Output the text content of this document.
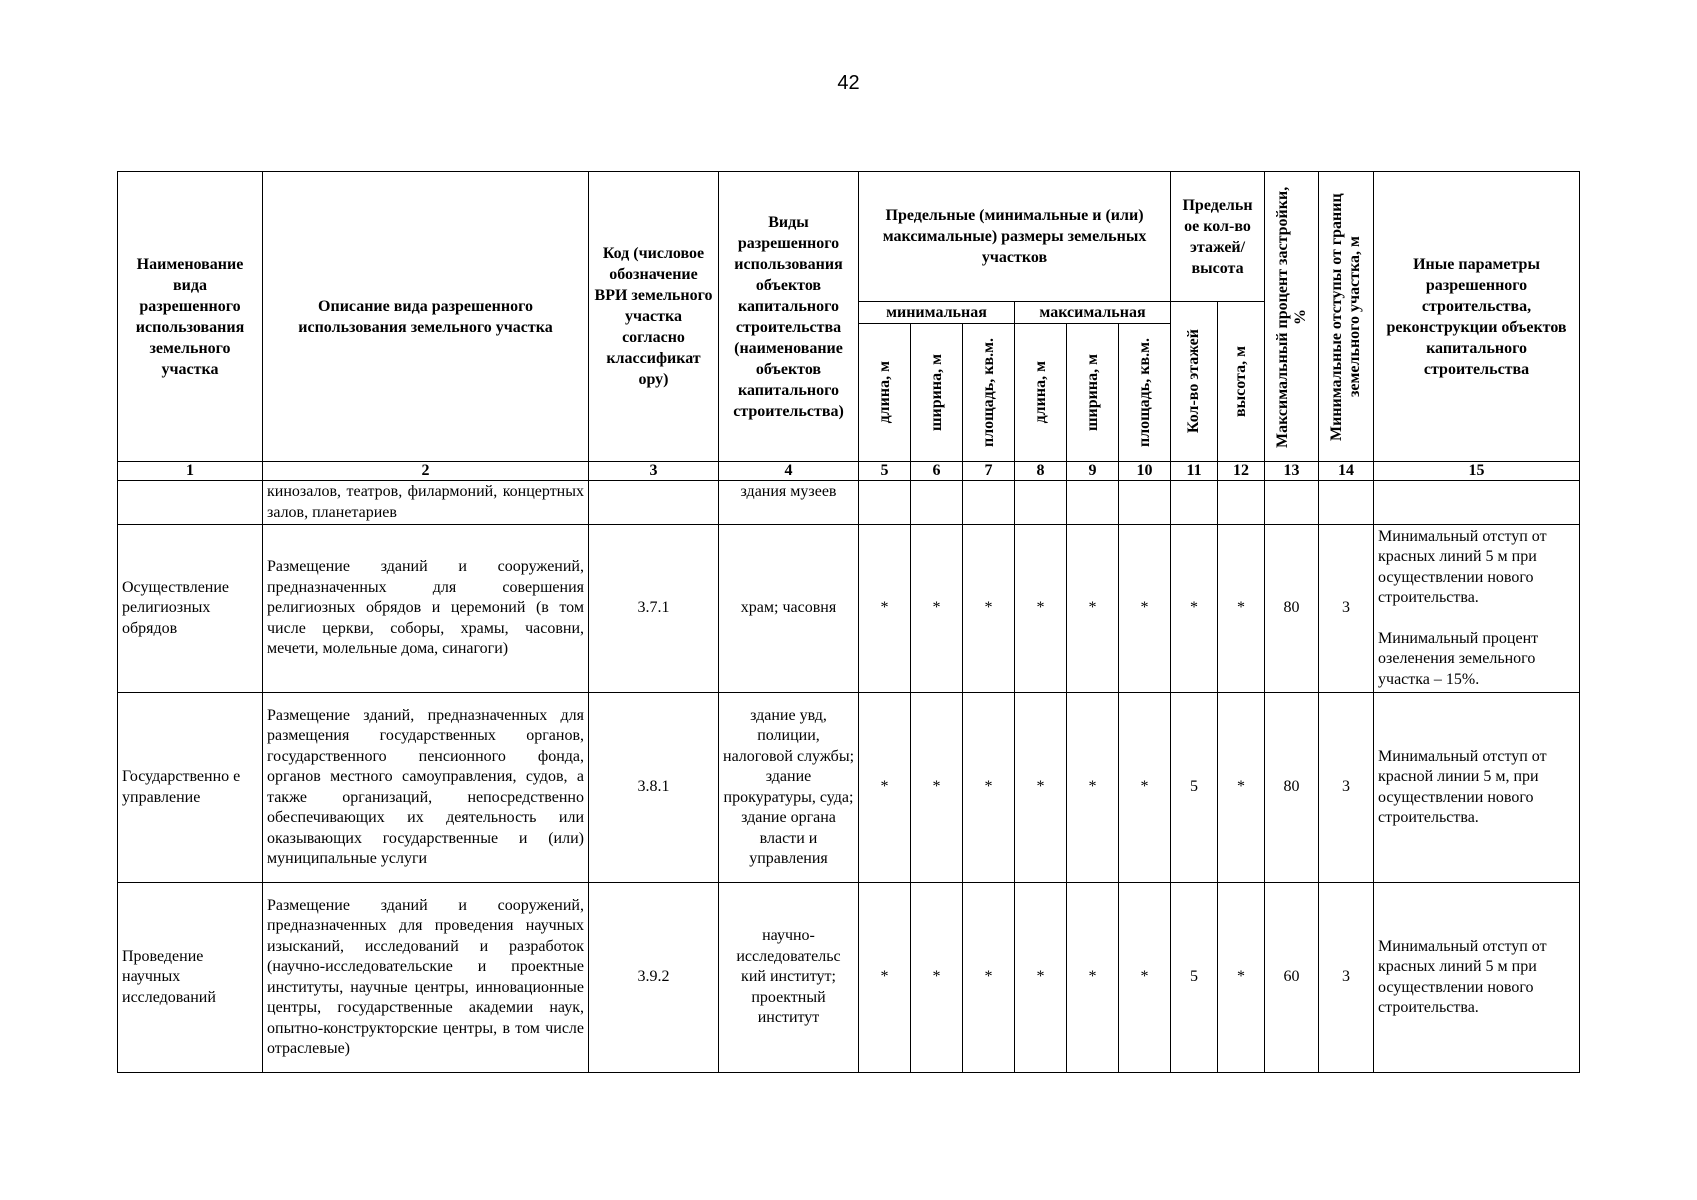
42
Наименование вида разрешенного использования земельного участка	Описание вида разрешенного использования земельного участка	Код (числовое обозначение ВРИ земельного участка согласно классификат ору)	Виды разрешенного использования объектов капитального строительства (наименование объектов капитального строительства)	Предельные (минимальные и (или) максимальные) размеры земельных участков						Предельн ое кол-во этажей/ высота		Максимальный процент застройки, %	Минимальные отступы от границ земельного участка, м	Иные параметры разрешенного строительства, реконструкции объектов капитального строительства
				минимальная			максимальная			Кол-во этажей	высота, м			

				длина, м	ширина, м	площадь, кв.м.	длина, м	ширина, м	площадь, кв.м.					

1	2	3	4	5	6	7	8	9	10	11	12	13	14	15
	кинозалов, театров, филармоний, концертных залов, планетариев		здания музеев											
Осуществление религиозных обрядов	Размещение зданий и сооружений, предназначенных для совершения религиозных обрядов и церемоний (в том числе церкви, соборы, храмы, часовни, мечети, молельные дома, синагоги)	3.7.1	храм; часовня	*	*	*	*	*	*	*	*	80	3	Минимальный отступ от красных линий 5 м при осуществлении нового строительства.
Минимальный процент озеленения земельного участка – 15%.

Государственно е управление	Размещение зданий, предназначенных для размещения государственных органов, государственного пенсионного фонда, органов местного самоуправления, судов, а также организаций, непосредственно обеспечивающих их деятельность или оказывающих государственные и (или) муниципальные услуги	3.8.1	здание увд, полиции, налоговой службы; здание прокуратуры, суда; здание органа власти и управления	*	*	*	*	*	*	5	*	80	3	Минимальный отступ от красной линии 5 м, при осуществлении нового строительства.
Проведение научных исследований	Размещение зданий и сооружений, предназначенных для проведения научных изысканий, исследований и разработок (научно-исследовательские и проектные институты, научные центры, инновационные центры, государственные академии наук, опытно-конструкторские центры, в том числе отраслевые)	3.9.2	научно-исследовательс кий институт; проектный институт	*	*	*	*	*	*	5	*	60	3	Минимальный отступ от красных линий 5 м при осуществлении нового строительства.
